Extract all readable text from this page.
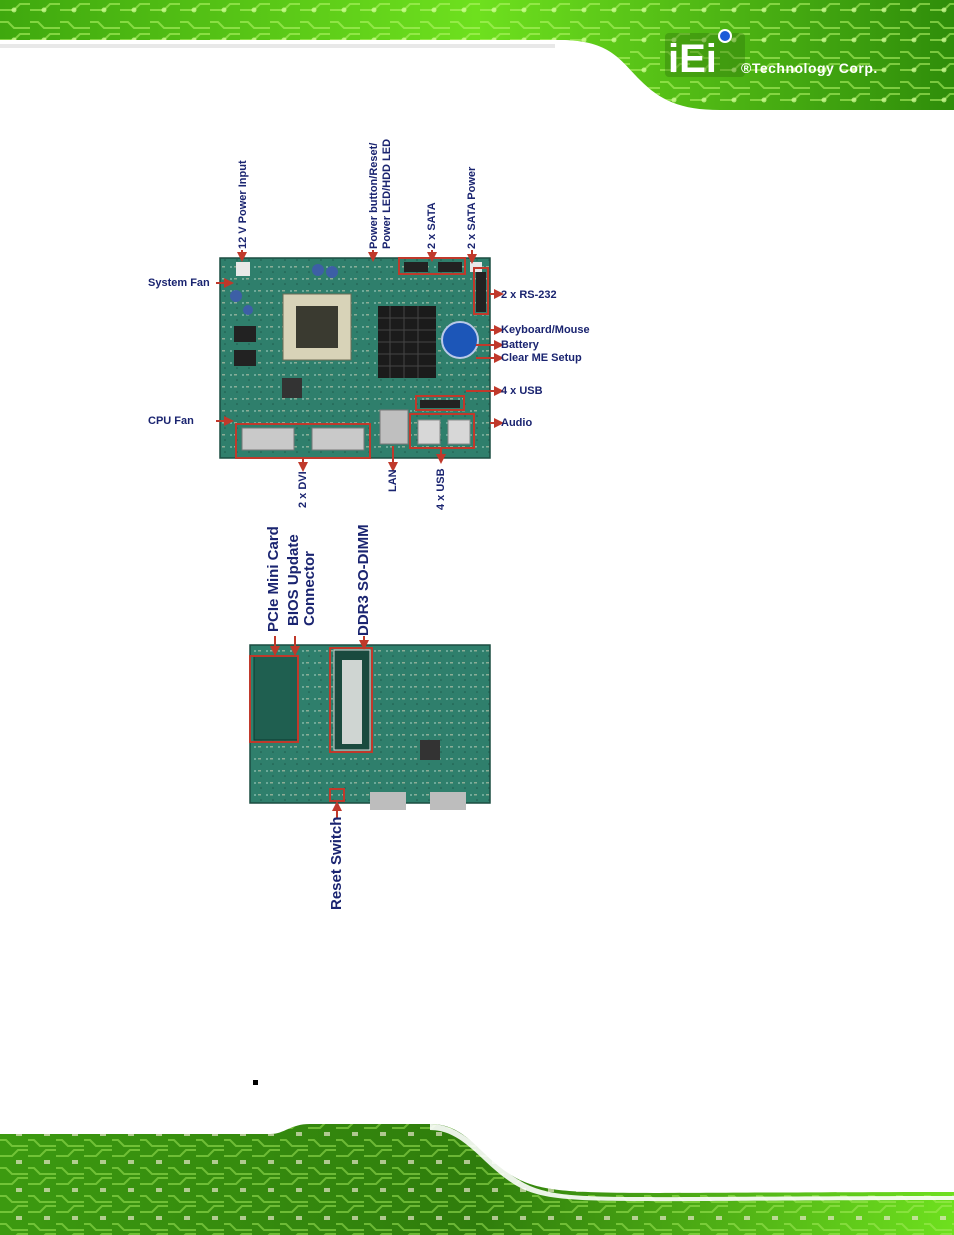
iEi ®Technology Corp.
12 V Power Input	Power button/Reset/ Power LED/HDD LED	2 x SATA	2 x SATA Power
System Fan
CPU Fan
2 x RS-232
Keyboard/Mouse
Battery
Clear ME Setup
4 x USB
Audio
2 x DVI	LAN	4 x USB
PCIe Mini Card BIOS Update Connector DDR3 SO-DIMM
Reset Switch
